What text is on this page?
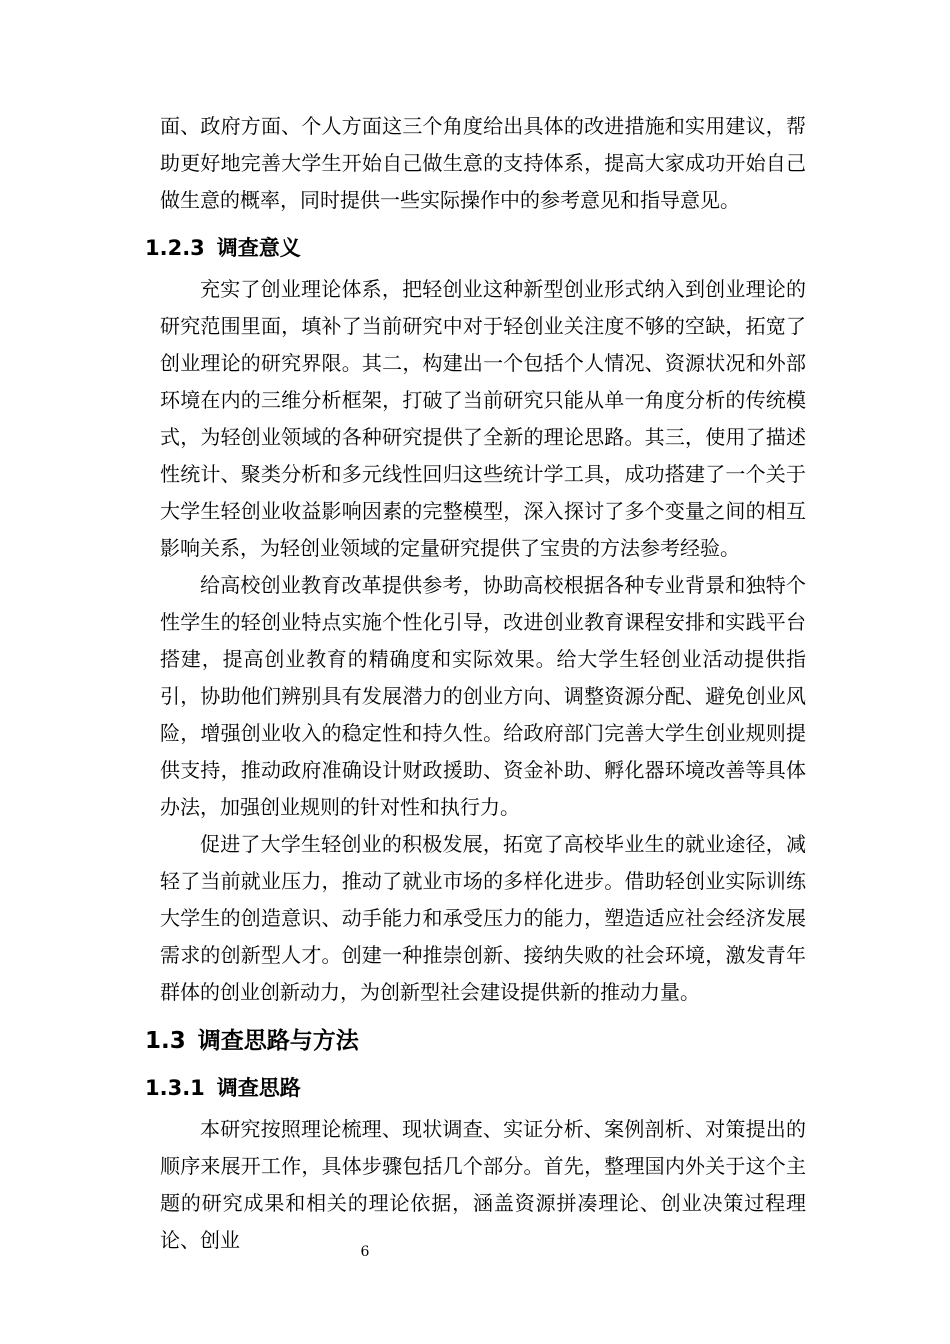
面、政府方面、个人方面这三个角度给出具体的改进措施和实用建议，帮助更好地完善大学生开始自己做生意的支持体系，提高大家成功开始自己做生意的概率，同时提供一些实际操作中的参考意见和指导意见。

1.2.3 调查意义

充实了创业理论体系，把轻创业这种新型创业形式纳入到创业理论的研究范围里面，填补了当前研究中对于轻创业关注度不够的空缺，拓宽了创业理论的研究界限。其二，构建出一个包括个人情况、资源状况和外部环境在内的三维分析框架，打破了当前研究只能从单一角度分析的传统模式，为轻创业领域的各种研究提供了全新的理论思路。其三，使用了描述性统计、聚类分析和多元线性回归这些统计学工具，成功搭建了一个关于大学生轻创业收益影响因素的完整模型，深入探讨了多个变量之间的相互影响关系，为轻创业领域的定量研究提供了宝贵的方法参考经验。

给高校创业教育改革提供参考，协助高校根据各种专业背景和独特个性学生的轻创业特点实施个性化引导，改进创业教育课程安排和实践平台搭建，提高创业教育的精确度和实际效果。给大学生轻创业活动提供指引，协助他们辨别具有发展潜力的创业方向、调整资源分配、避免创业风险，增强创业收入的稳定性和持久性。给政府部门完善大学生创业规则提供支持，推动政府准确设计财政援助、资金补助、孵化器环境改善等具体办法，加强创业规则的针对性和执行力。

促进了大学生轻创业的积极发展，拓宽了高校毕业生的就业途径，减轻了当前就业压力，推动了就业市场的多样化进步。借助轻创业实际训练大学生的创造意识、动手能力和承受压力的能力，塑造适应社会经济发展需求的创新型人才。创建一种推崇创新、接纳失败的社会环境，激发青年群体的创业创新动力，为创新型社会建设提供新的推动力量。

1.3 调查思路与方法
1.3.1 调查思路

本研究按照理论梳理、现状调查、实证分析、案例剖析、对策提出的顺序来展开工作，具体步骤包括几个部分。首先，整理国内外关于这个主题的研究成果和相关的理论依据，涵盖资源拼凑理论、创业决策过程理论、创业	6
